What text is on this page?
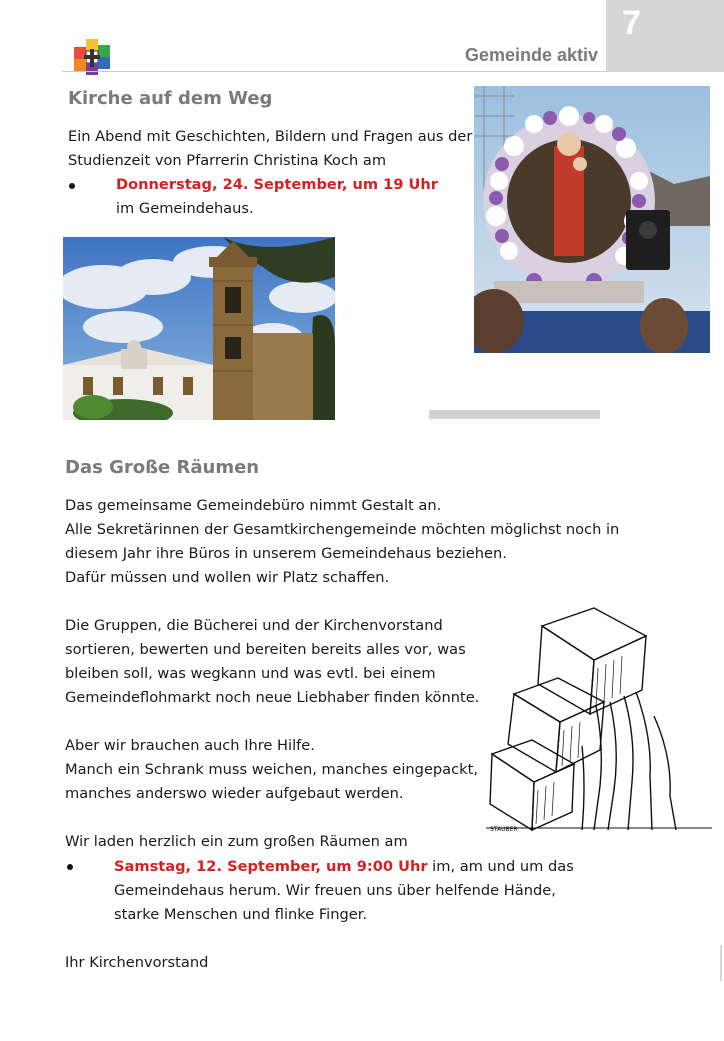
Gemeinde aktiv
7
Kirche auf dem Weg
Ein Abend mit Geschichten, Bildern und Fragen aus der
Studienzeit von Pfarrerin Christina Koch am
Donnerstag, 24. September, um 19 Uhr
im Gemeindehaus.
Das Große Räumen
Das gemeinsame Gemeindebüro nimmt Gestalt an.
Alle Sekretärinnen der Gesamtkirchengemeinde möchten möglichst noch in
diesem Jahr ihre Büros in unserem Gemeindehaus beziehen.
Dafür müssen und wollen wir Platz schaffen.
Die Gruppen, die Bücherei und der Kirchenvorstand
sortieren, bewerten und bereiten bereits alles vor, was
bleiben soll, was wegkann und was evtl. bei einem
Gemeindeflohmarkt noch neue Liebhaber finden könnte.
Aber wir brauchen auch Ihre Hilfe.
Manch ein Schrank muss weichen, manches eingepackt,
manches anderswo wieder aufgebaut werden.
Wir laden herzlich ein zum großen Räumen am
Samstag, 12. September, um 9:00 Uhr im, am und um das
Gemeindehaus herum. Wir freuen uns über helfende Hände,
starke Menschen und flinke Finger.
Ihr Kirchenvorstand
STAUBER
